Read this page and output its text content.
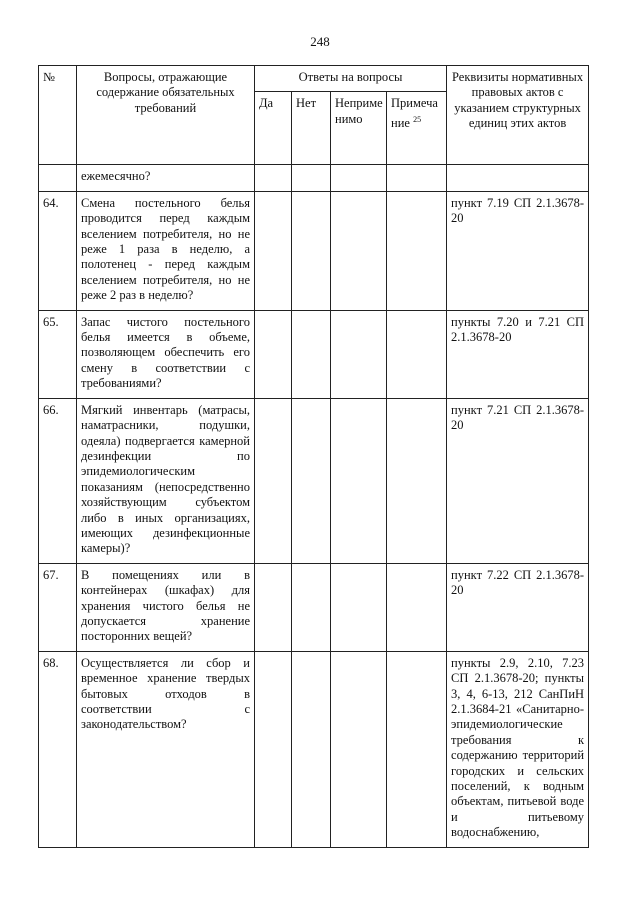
248
№	Вопросы, отражающие содержание обязательных требований	Ответы на вопросы				Реквизиты нормативных правовых актов с указанием структурных единиц этих актов
		Да	Нет	Неприме нимо	Примеча ние $^{25}$
	ежемесячно?					
64.	Смена постельного белья проводится перед каждым вселением потребителя, но не реже 1 раза в неделю, а полотенец - перед каждым вселением потребителя, но не реже 2 раз в неделю?					пункт 7.19 СП 2.1.3678-20
65.	Запас чистого постельного белья имеется в объеме, позволяющем обеспечить его смену в соответствии с требованиями?					пункты 7.20 и 7.21 СП 2.1.3678-20
66.	Мягкий инвентарь (матрасы, наматрасники, подушки, одеяла) подвергается камерной дезинфекции по эпидемиологическим показаниям (непосредственно хозяйствующим субъектом либо в иных организациях, имеющих дезинфекционные камеры)?					пункт 7.21 СП 2.1.3678-20
67.	В помещениях или в контейнерах (шкафах) для хранения чистого белья не допускается хранение посторонних вещей?					пункт 7.22 СП 2.1.3678-20
68.	Осуществляется ли сбор и временное хранение твердых бытовых отходов в соответствии с законодательством?					пункты 2.9, 2.10, 7.23 СП 2.1.3678-20; пункты 3, 4, 6-13, 212 СанПиН 2.1.3684-21 «Санитарно-эпидемиологические требования к содержанию территорий городских и сельских поселений, к водным объектам, питьевой воде и питьевому водоснабжению,
